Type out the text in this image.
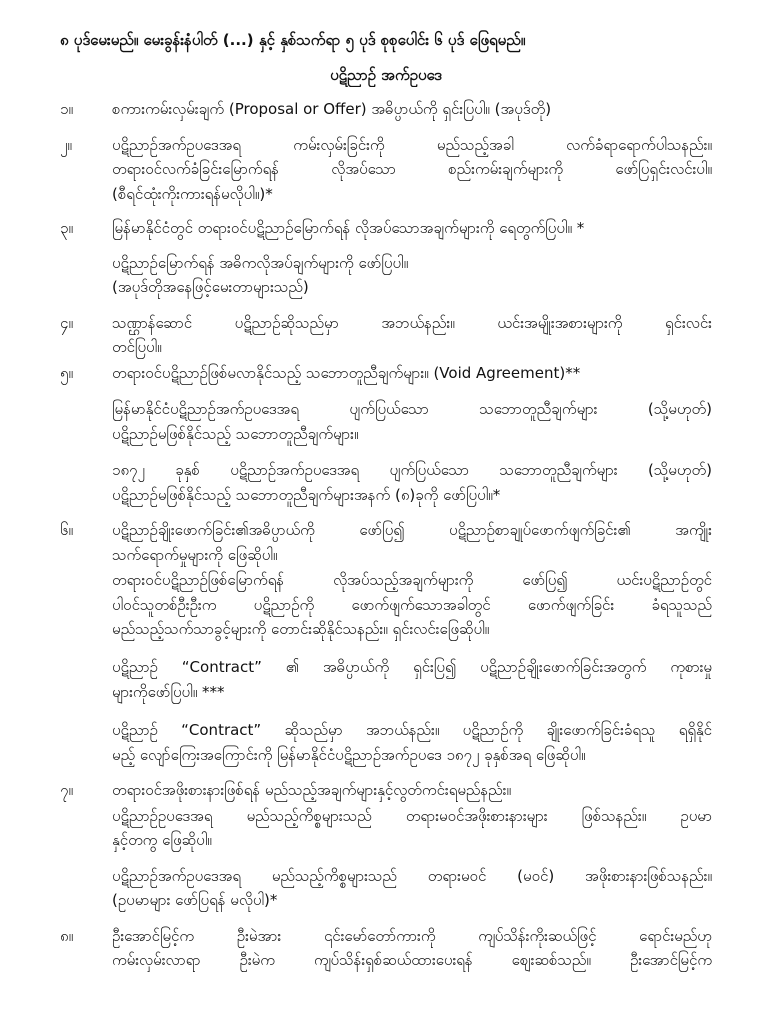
၈ ပုဒ်မေးမည်။ မေးခွန်းနံပါတ် (...) နှင့် နှစ်သက်ရာ ၅ ပုဒ် စုစုပေါင်း ၆ ပုဒ် ဖြေရမည်။
ပဋိညာဉ် အက်ဥပဒေ
၁။	စကားကမ်းလှမ်းချက် (Proposal or Offer) အဓိပ္ပာယ်ကို ရှင်းပြပါ။ (အပုဒ်တို)
၂။	ပဋိညာဉ်အက်ဥပဒေအရ ကမ်းလှမ်းခြင်းကို မည်သည့်အခါ လက်ခံရာရောက်ပါသနည်း။
တရားဝင်လက်ခံခြင်းမြောက်ရန် လိုအပ်သော စည်းကမ်းချက်များကို ဖော်ပြရှင်းလင်းပါ။
(စီရင်ထုံးကိုးကားရန်မလိုပါ။)*
၃။	မြန်မာနိုင်ငံတွင် တရားဝင်ပဋိညာဉ်မြောက်ရန် လိုအပ်သောအချက်များကို ရေတွက်ပြပါ။ *
ပဋိညာဉ်မြောက်ရန် အဓိကလိုအပ်ချက်များကို ဖော်ပြပါ။
(အပုဒ်တိုအနေဖြင့်မေးတာများသည်)
၄။	သဏ္ဌာန်ဆောင် ပဋိညာဉ်ဆိုသည်မှာ အဘယ်နည်း။ ယင်းအမျိုးအစားများကို ရှင်းလင်း
တင်ပြပါ။
၅။	တရားဝင်ပဋိညာဉ်ဖြစ်မလာနိုင်သည့် သဘောတူညီချက်များ။ (Void Agreement)**
မြန်မာနိုင်ငံပဋိညာဉ်အက်ဥပဒေအရ ပျက်ပြယ်သော သဘောတူညီချက်များ (သို့မဟုတ်)
ပဋိညာဉ်မဖြစ်နိုင်သည့် သဘောတူညီချက်များ။
၁၈၇၂ ခုနှစ် ပဋိညာဉ်အက်ဥပဒေအရ ပျက်ပြယ်သော သဘောတူညီချက်များ (သို့မဟုတ်)
ပဋိညာဉ်မဖြစ်နိုင်သည့် သဘောတူညီချက်များအနက် (၈)ခုကို ဖော်ပြပါ။*
၆။	ပဋိညာဉ်ချိုးဖောက်ခြင်း၏အဓိပ္ပာယ်ကို ဖော်ပြ၍ ပဋိညာဉ်စာချုပ်ဖောက်ဖျက်ခြင်း၏ အကျိုး
သက်ရောက်မှုများကို ဖြေဆိုပါ။
တရားဝင်ပဋိညာဉ်ဖြစ်မြောက်ရန် လိုအပ်သည့်အချက်များကို ဖော်ပြ၍ ယင်းပဋိညာဉ်တွင်
ပါဝင်သူတစ်ဦးဦးက ပဋိညာဉ်ကို ဖောက်ဖျက်သောအခါတွင် ဖောက်ဖျက်ခြင်း ခံရသူသည်
မည်သည့်သက်သာခွင့်များကို တောင်းဆိုနိုင်သနည်း။ ရှင်းလင်းဖြေဆိုပါ။
ပဋိညာဉ် “Contract” ၏ အဓိပ္ပာယ်ကို ရှင်းပြ၍ ပဋိညာဉ်ချိုးဖောက်ခြင်းအတွက် ကုစားမှု
များကိုဖော်ပြပါ။ ***
ပဋိညာဉ် “Contract” ဆိုသည်မှာ အဘယ်နည်း။ ပဋိညာဉ်ကို ချိုးဖောက်ခြင်းခံရသူ ရရှိနိုင်
မည့် လျော်ကြေးအကြောင်းကို မြန်မာနိုင်ငံပဋိညာဉ်အက်ဥပဒေ ၁၈၇၂ ခုနှစ်အရ ဖြေဆိုပါ။
၇။	တရားဝင်အဖိုးစားနားဖြစ်ရန် မည်သည့်အချက်များနှင့်လွတ်ကင်းရမည်နည်း။
ပဋိညာဉ်ဥပဒေအရ မည်သည့်ကိစ္စများသည် တရားမဝင်အဖိုးစားနားများ ဖြစ်သနည်း။ ဥပမာ
နှင့်တကွ ဖြေဆိုပါ။
ပဋိညာဉ်အက်ဥပဒေအရ မည်သည့်ကိစ္စများသည် တရားမဝင် (မဝင်) အဖိုးစားနားဖြစ်သနည်း။
(ဥပမာများ ဖော်ပြရန် မလိုပါ)*
၈။	ဦးအောင်မြင့်က ဦးမဲအား ၎င်းမော်တော်ကားကို ကျပ်သိန်းကိုးဆယ်ဖြင့် ရောင်းမည်ဟု
ကမ်းလှမ်းလာရာ ဦးမဲက ကျပ်သိန်းရှစ်ဆယ်ထားပေးရန် စျေးဆစ်သည်။ ဦးအောင်မြင့်က
